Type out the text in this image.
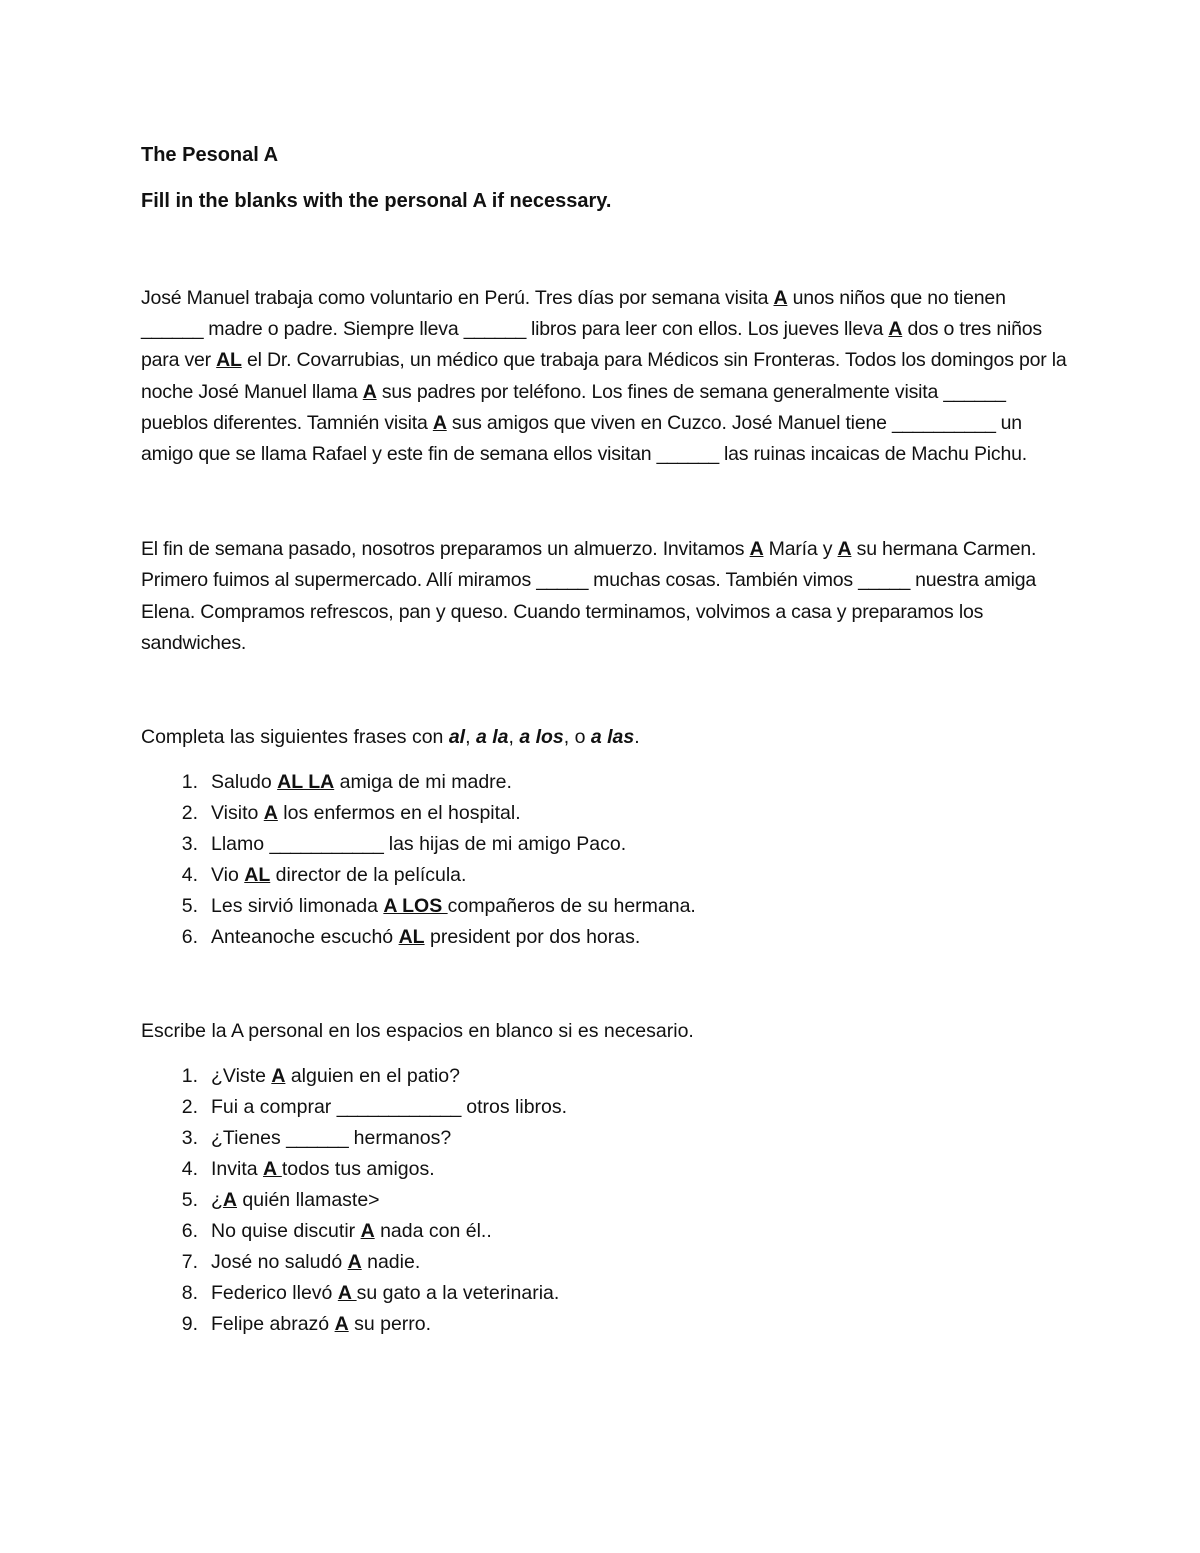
The Pesonal A

Fill in the blanks with the personal A if necessary.

José Manuel trabaja como voluntario en Perú. Tres días por semana visita A unos niños que no tienen ______ madre o padre. Siempre lleva ______ libros para leer con ellos. Los jueves lleva A dos o tres niños para ver AL el Dr. Covarrubias, un médico que trabaja para Médicos sin Fronteras. Todos los domingos por la noche José Manuel llama A sus padres por teléfono. Los fines de semana generalmente visita ______ pueblos diferentes. Tamnién visita A sus amigos que viven en Cuzco. José Manuel tiene __________ un amigo que se llama Rafael y este fin de semana ellos visitan ______ las ruinas incaicas de Machu Pichu.

El fin de semana pasado, nosotros preparamos un almuerzo. Invitamos A María y A su hermana Carmen. Primero fuimos al supermercado. Allí miramos _____ muchas cosas. También vimos _____ nuestra amiga Elena. Compramos refrescos, pan y queso. Cuando terminamos, volvimos a casa y preparamos los sandwiches.

Completa las siguientes frases con al, a la, a los, o a las.

1. Saludo AL LA amiga de mi madre.
2. Visito A los enfermos en el hospital.
3. Llamo ___________ las hijas de mi amigo Paco.
4. Vio AL director de la película.
5. Les sirvió limonada A LOS compañeros de su hermana.
6. Anteanoche escuchó AL president por dos horas.

Escribe la A personal en los espacios en blanco si es necesario.

1. ¿Viste A alguien en el patio?
2. Fui a comprar ____________ otros libros.
3. ¿Tienes ______ hermanos?
4. Invita A todos tus amigos.
5. ¿A quién llamaste>
6. No quise discutir A nada con él..
7. José no saludó A nadie.
8. Federico llevó A su gato a la veterinaria.
9. Felipe abrazó A su perro.
